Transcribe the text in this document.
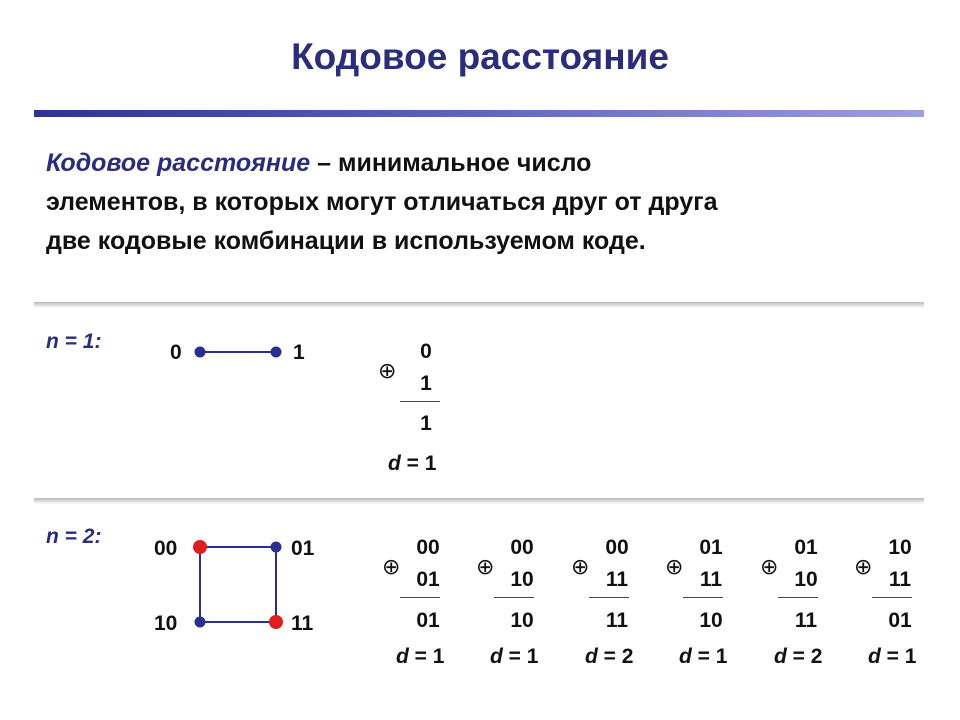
Кодовое расстояние
Кодовое расстояние – минимальное число
элементов, в которых могут отличаться друг от друга
две кодовые комбинации в используемом коде.
n = 1:	0	1
⊕
0
1
1
d = 1
n = 2:
00	01
10	11
⊕
00
01
01
d = 1
⊕
00
10
10
d = 1
⊕
00
11
11
d = 2
⊕
01
11
10
d = 1
⊕
01
10
11
d = 2
⊕
10
11
01
d = 1
